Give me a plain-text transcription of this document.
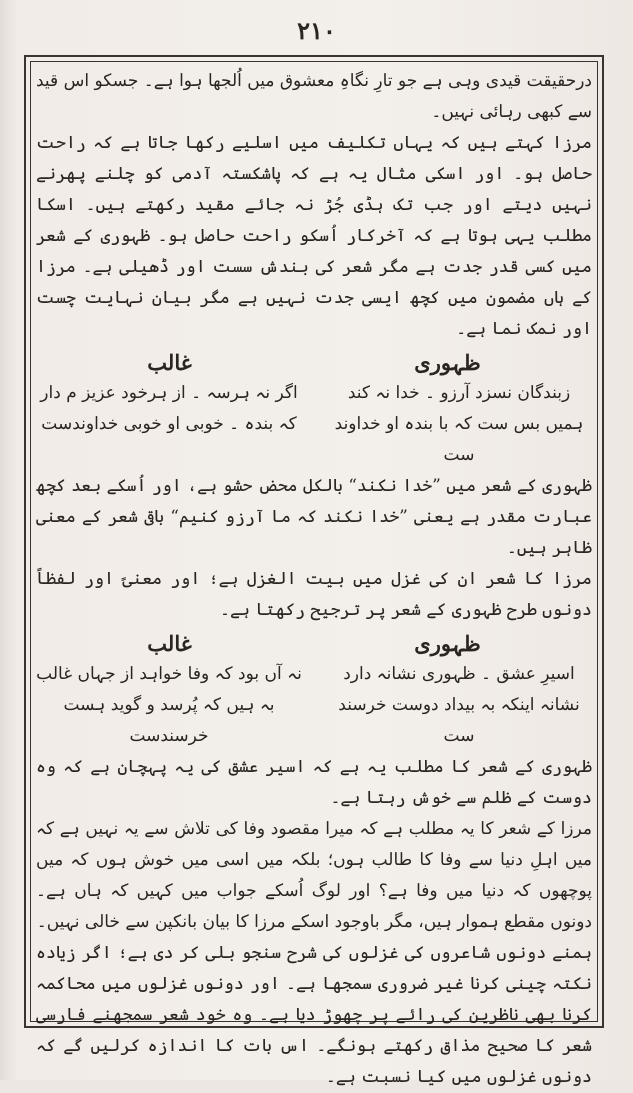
۲۱۰

درحقیقت قیدی وہی ہے جو تارِ نگاہِ معشوق میں اُلجھا ہوا ہے۔ جسکو اس قید سے کبھی رہائی نہیں۔

مرزا کہتے ہیں کہ یہاں تکلیف میں اسلیے رکھا جاتا ہے کہ راحت حاصل ہو۔ اور اسکی مثال یہ ہے کہ پاشکستہ آدمی کو چلنے پھرنے نہیں دیتے اور جب تک ہڈی جُڑ نہ جائے مقید رکھتے ہیں۔ اسکا مطلب یہی ہوتا ہے کہ آخرکار اُسکو راحت حاصل ہو۔ ظہوری کے شعر میں کسی قدر جدت ہے مگر شعر کی بندش سست اور ڈھیلی ہے۔ مرزا کے ہاں مضمون میں کچھ ایسی جدت نہیں ہے مگر بیان نہایت چست اور نمک نما ہے۔

ظہوری
غالب
زبندگان نسزد آرزو ۔ خدا نہ کند
اگر نہ ہرسہ ۔ از ہرخود عزیز م دار
ہمیں بس ست کہ با بندہ او خداوند ست
کہ بندہ ۔ خوبی او خوبی خداوندست

ظہوری کے شعر میں ”خدا نکند“ بالکل محض حشو ہے، اور اُسکے بعد کچھ عبارت مقدر ہے یعنی ”خدا نکند کہ ما آرزو کنیم“ باقی شعر کے معنی ظاہر ہیں۔

مرزا کا شعر ان کی غزل میں بیت الغزل ہے؛ اور معنیً اور لفظاً دونوں طرح ظہوری کے شعر پر ترجیح رکھتا ہے۔

ظہوری
غالب
اسیرِ عشق ۔ ظہوری نشانہ دارد
نہ آں بود کہ وفا خواہد از جہاں غالب
نشانہ اینکہ بہ بیداد دوست خرسند ست
بہ ہیں کہ پُرسد و گوید ہست خرسندست

ظہوری کے شعر کا مطلب یہ ہے کہ اسیر عشق کی یہ پہچان ہے کہ وہ دوست کے ظلم سے خوش رہتا ہے۔

مرزا کے شعر کا یہ مطلب ہے کہ میرا مقصود وفا کی تلاش سے یہ نہیں ہے کہ میں اہلِ دنیا سے وفا کا طالب ہوں؛ بلکہ میں اسی میں خوش ہوں کہ میں پوچھوں کہ دنیا میں وفا ہے؟ اور لوگ اُسکے جواب میں کہیں کہ ہاں ہے۔ دونوں مقطع ہموار ہیں، مگر باوجود اسکے مرزا کا بیان بانکپن سے خالی نہیں۔

ہمنے دونوں شاعروں کی غزلوں کی شرح سنجو بلی کر دی ہے؛ اگر زیادہ نکتہ چینی کرنا غیر ضروری سمجھا ہے۔ اور دونوں غزلوں میں محاکمہ کرنا بھی ناظرین کی رائے پر چھوڑ دیا ہے۔ وہ خود شعر سمجھنے فارسی شعر کا صحیح مذاق رکھتے ہونگے۔ اس بات کا اندازہ کرلیں گے کہ دونوں غزلوں میں کیا نسبت ہے۔
